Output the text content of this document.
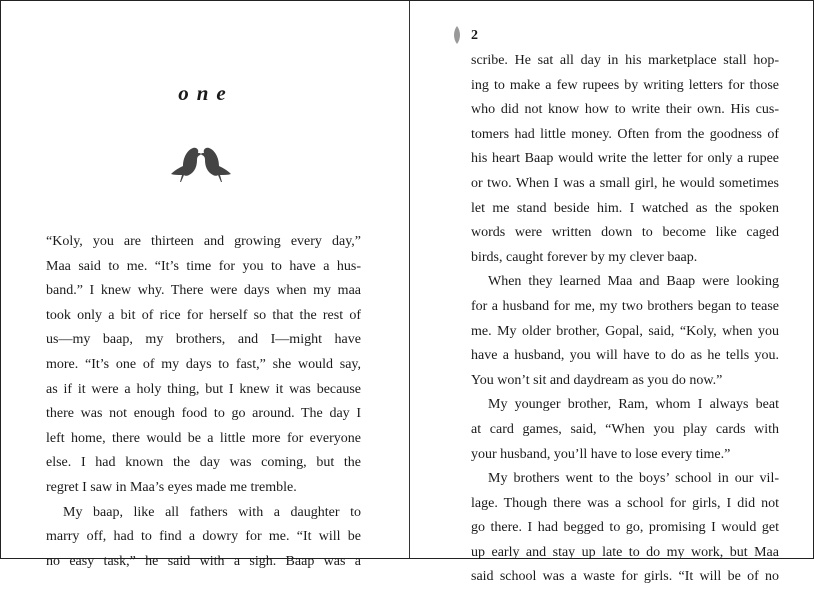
one
“Koly, you are thirteen and growing every day,”
Maa said to me. “It’s time for you to have a hus-
band.” I knew why. There were days when my maa
took only a bit of rice for herself so that the rest of
us—my baap, my brothers, and I—might have
more. “It’s one of my days to fast,” she would say,
as if it were a holy thing, but I knew it was because
there was not enough food to go around. The day I
left home, there would be a little more for everyone
else. I had known the day was coming, but the
regret I saw in Maa’s eyes made me tremble.
My baap, like all fathers with a daughter to
marry off, had to find a dowry for me. “It will be
no easy task,” he said with a sigh. Baap was a
2
scribe. He sat all day in his marketplace stall hop-
ing to make a few rupees by writing letters for those
who did not know how to write their own. His cus-
tomers had little money. Often from the goodness of
his heart Baap would write the letter for only a rupee
or two. When I was a small girl, he would sometimes
let me stand beside him. I watched as the spoken
words were written down to become like caged
birds, caught forever by my clever baap.
When they learned Maa and Baap were looking
for a husband for me, my two brothers began to tease
me. My older brother, Gopal, said, “Koly, when you
have a husband, you will have to do as he tells you.
You won’t sit and daydream as you do now.”
My younger brother, Ram, whom I always beat
at card games, said, “When you play cards with
your husband, you’ll have to lose every time.”
My brothers went to the boys’ school in our vil-
lage. Though there was a school for girls, I did not
go there. I had begged to go, promising I would get
up early and stay up late to do my work, but Maa
said school was a waste for girls. “It will be of no
